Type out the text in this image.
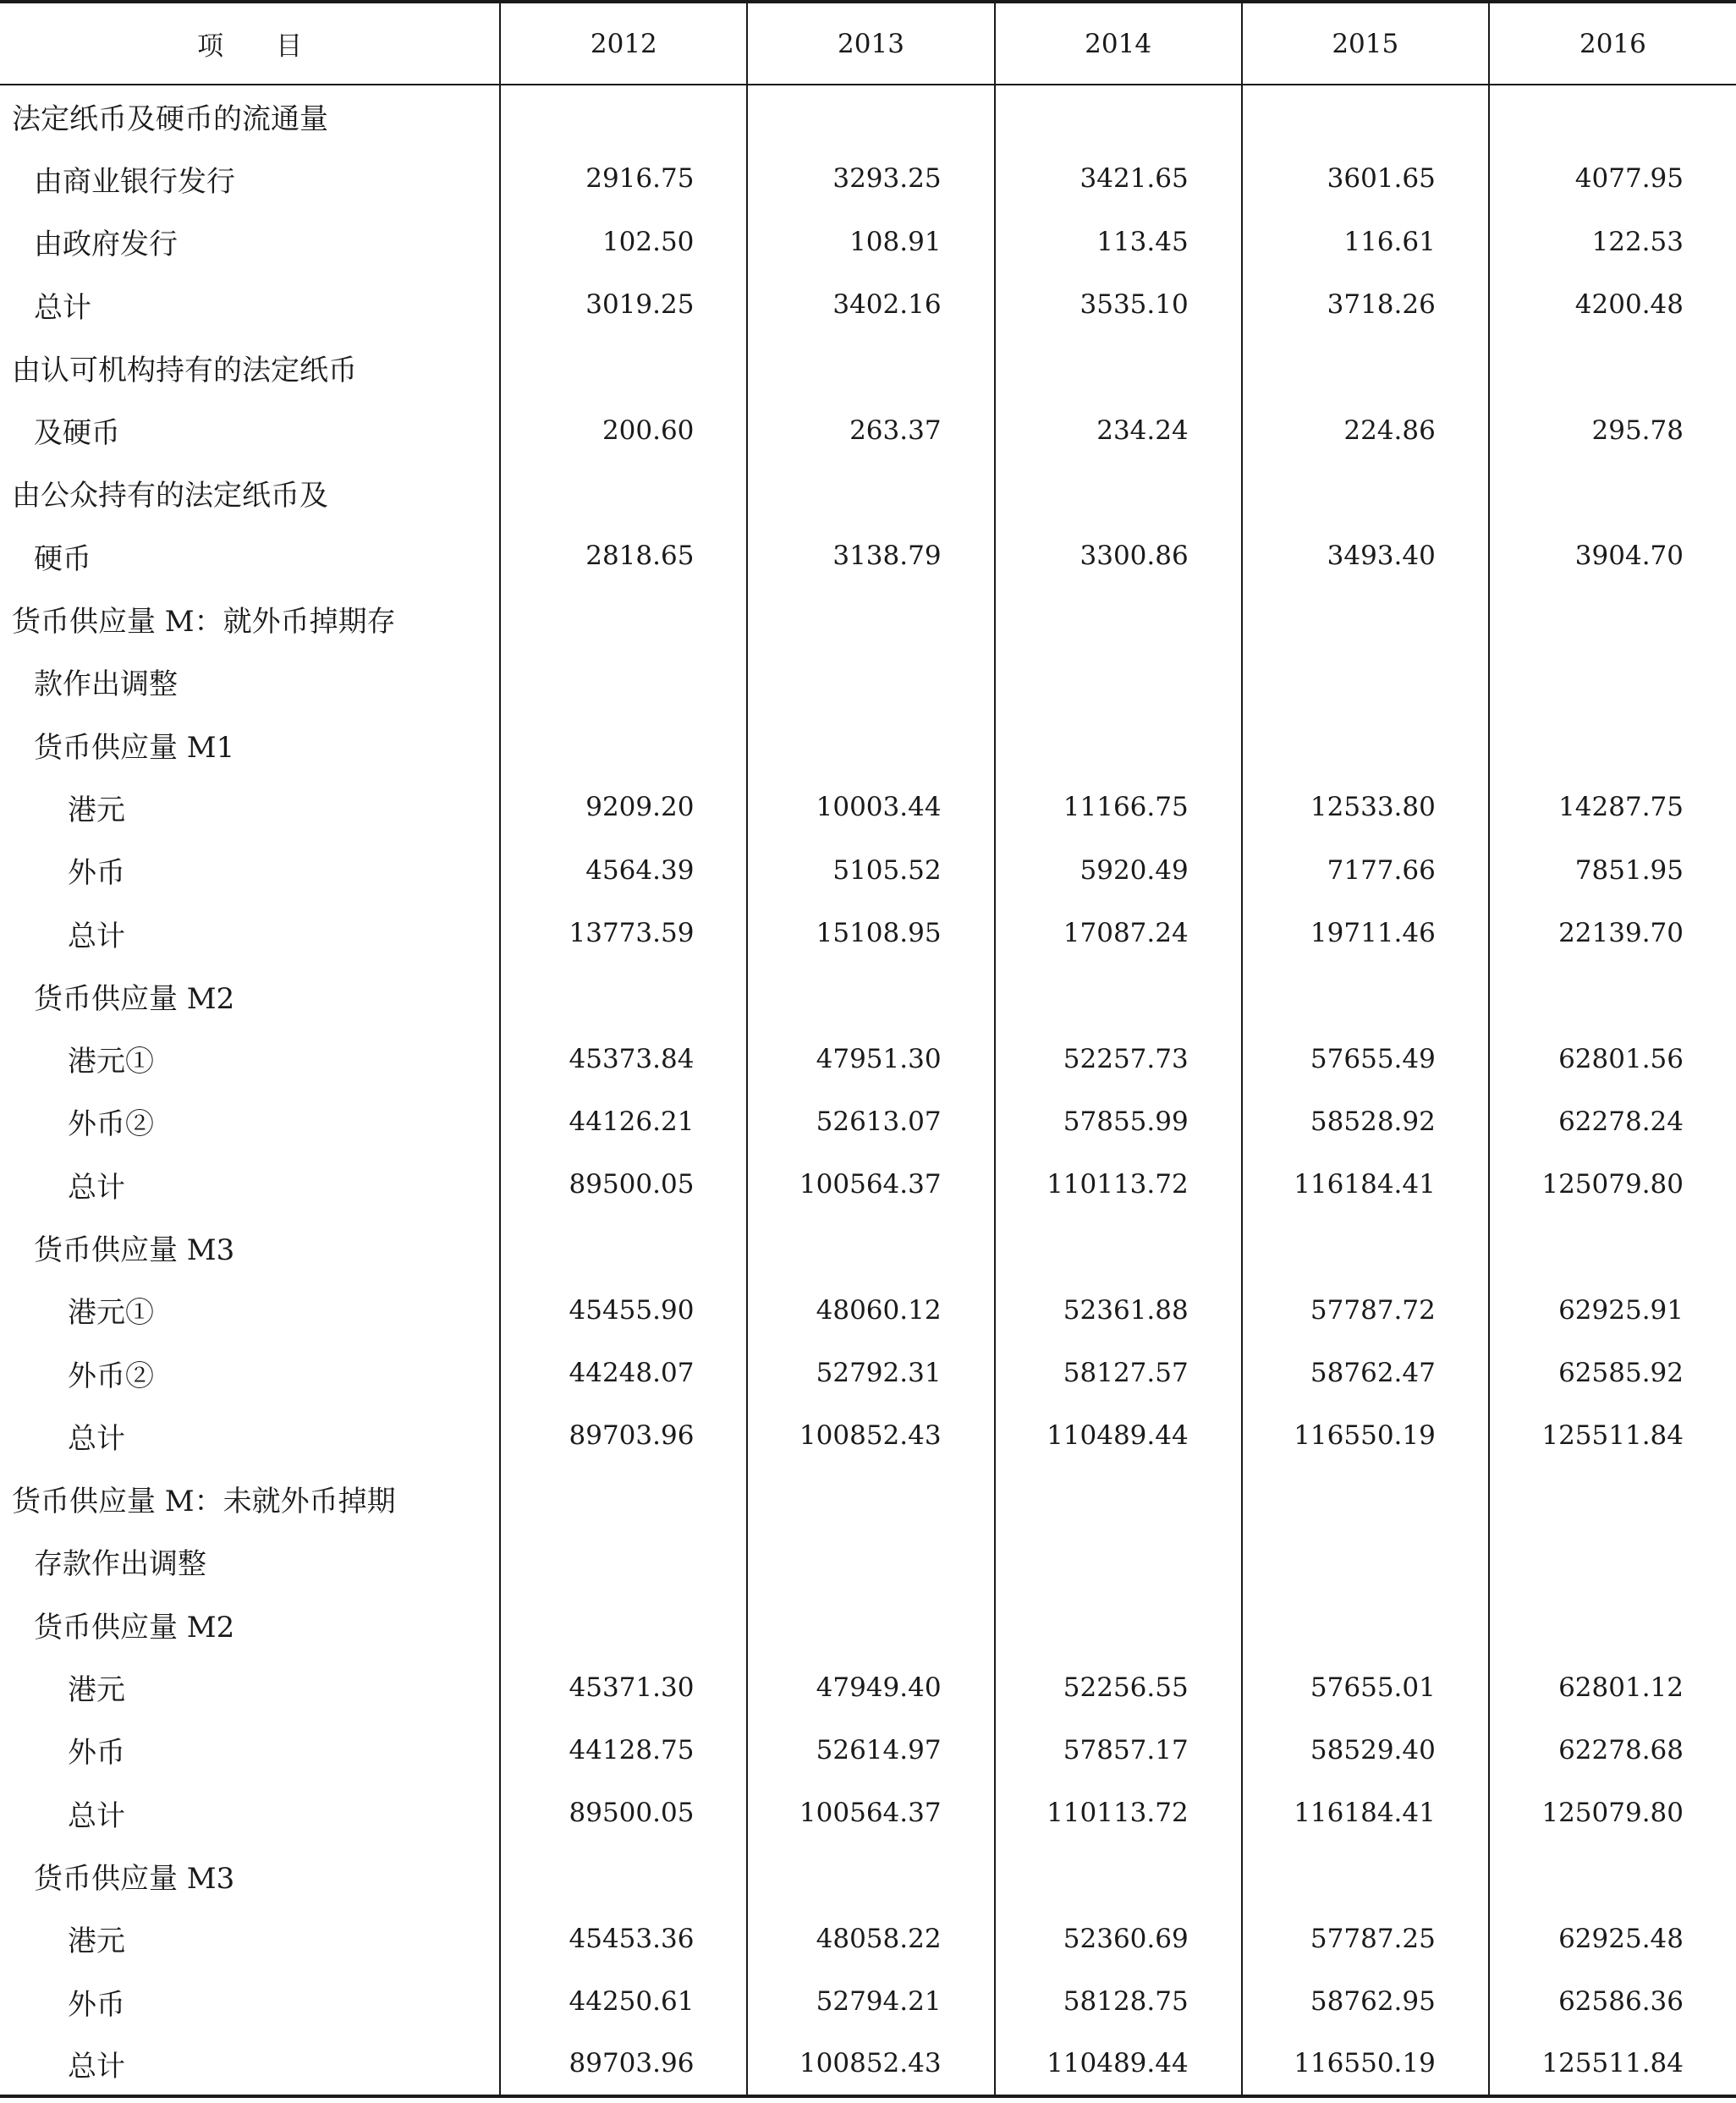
项　　目	2012	2013	2014	2015	2016
法定纸币及硬币的流通量					
由商业银行发行	2916.75	3293.25	3421.65	3601.65	4077.95
由政府发行	102.50	108.91	113.45	116.61	122.53
总计	3019.25	3402.16	3535.10	3718.26	4200.48
由认可机构持有的法定纸币					
及硬币	200.60	263.37	234.24	224.86	295.78
由公众持有的法定纸币及					
硬币	2818.65	3138.79	3300.86	3493.40	3904.70
货币供应量 M：就外币掉期存					
款作出调整					
货币供应量 M1					
港元	9209.20	10003.44	11166.75	12533.80	14287.75
外币	4564.39	5105.52	5920.49	7177.66	7851.95
总计	13773.59	15108.95	17087.24	19711.46	22139.70
货币供应量 M2					
港元①	45373.84	47951.30	52257.73	57655.49	62801.56
外币②	44126.21	52613.07	57855.99	58528.92	62278.24
总计	89500.05	100564.37	110113.72	116184.41	125079.80
货币供应量 M3					
港元①	45455.90	48060.12	52361.88	57787.72	62925.91
外币②	44248.07	52792.31	58127.57	58762.47	62585.92
总计	89703.96	100852.43	110489.44	116550.19	125511.84
货币供应量 M：未就外币掉期					
存款作出调整					
货币供应量 M2					
港元	45371.30	47949.40	52256.55	57655.01	62801.12
外币	44128.75	52614.97	57857.17	58529.40	62278.68
总计	89500.05	100564.37	110113.72	116184.41	125079.80
货币供应量 M3					
港元	45453.36	48058.22	52360.69	57787.25	62925.48
外币	44250.61	52794.21	58128.75	58762.95	62586.36
总计	89703.96	100852.43	110489.44	116550.19	125511.84
